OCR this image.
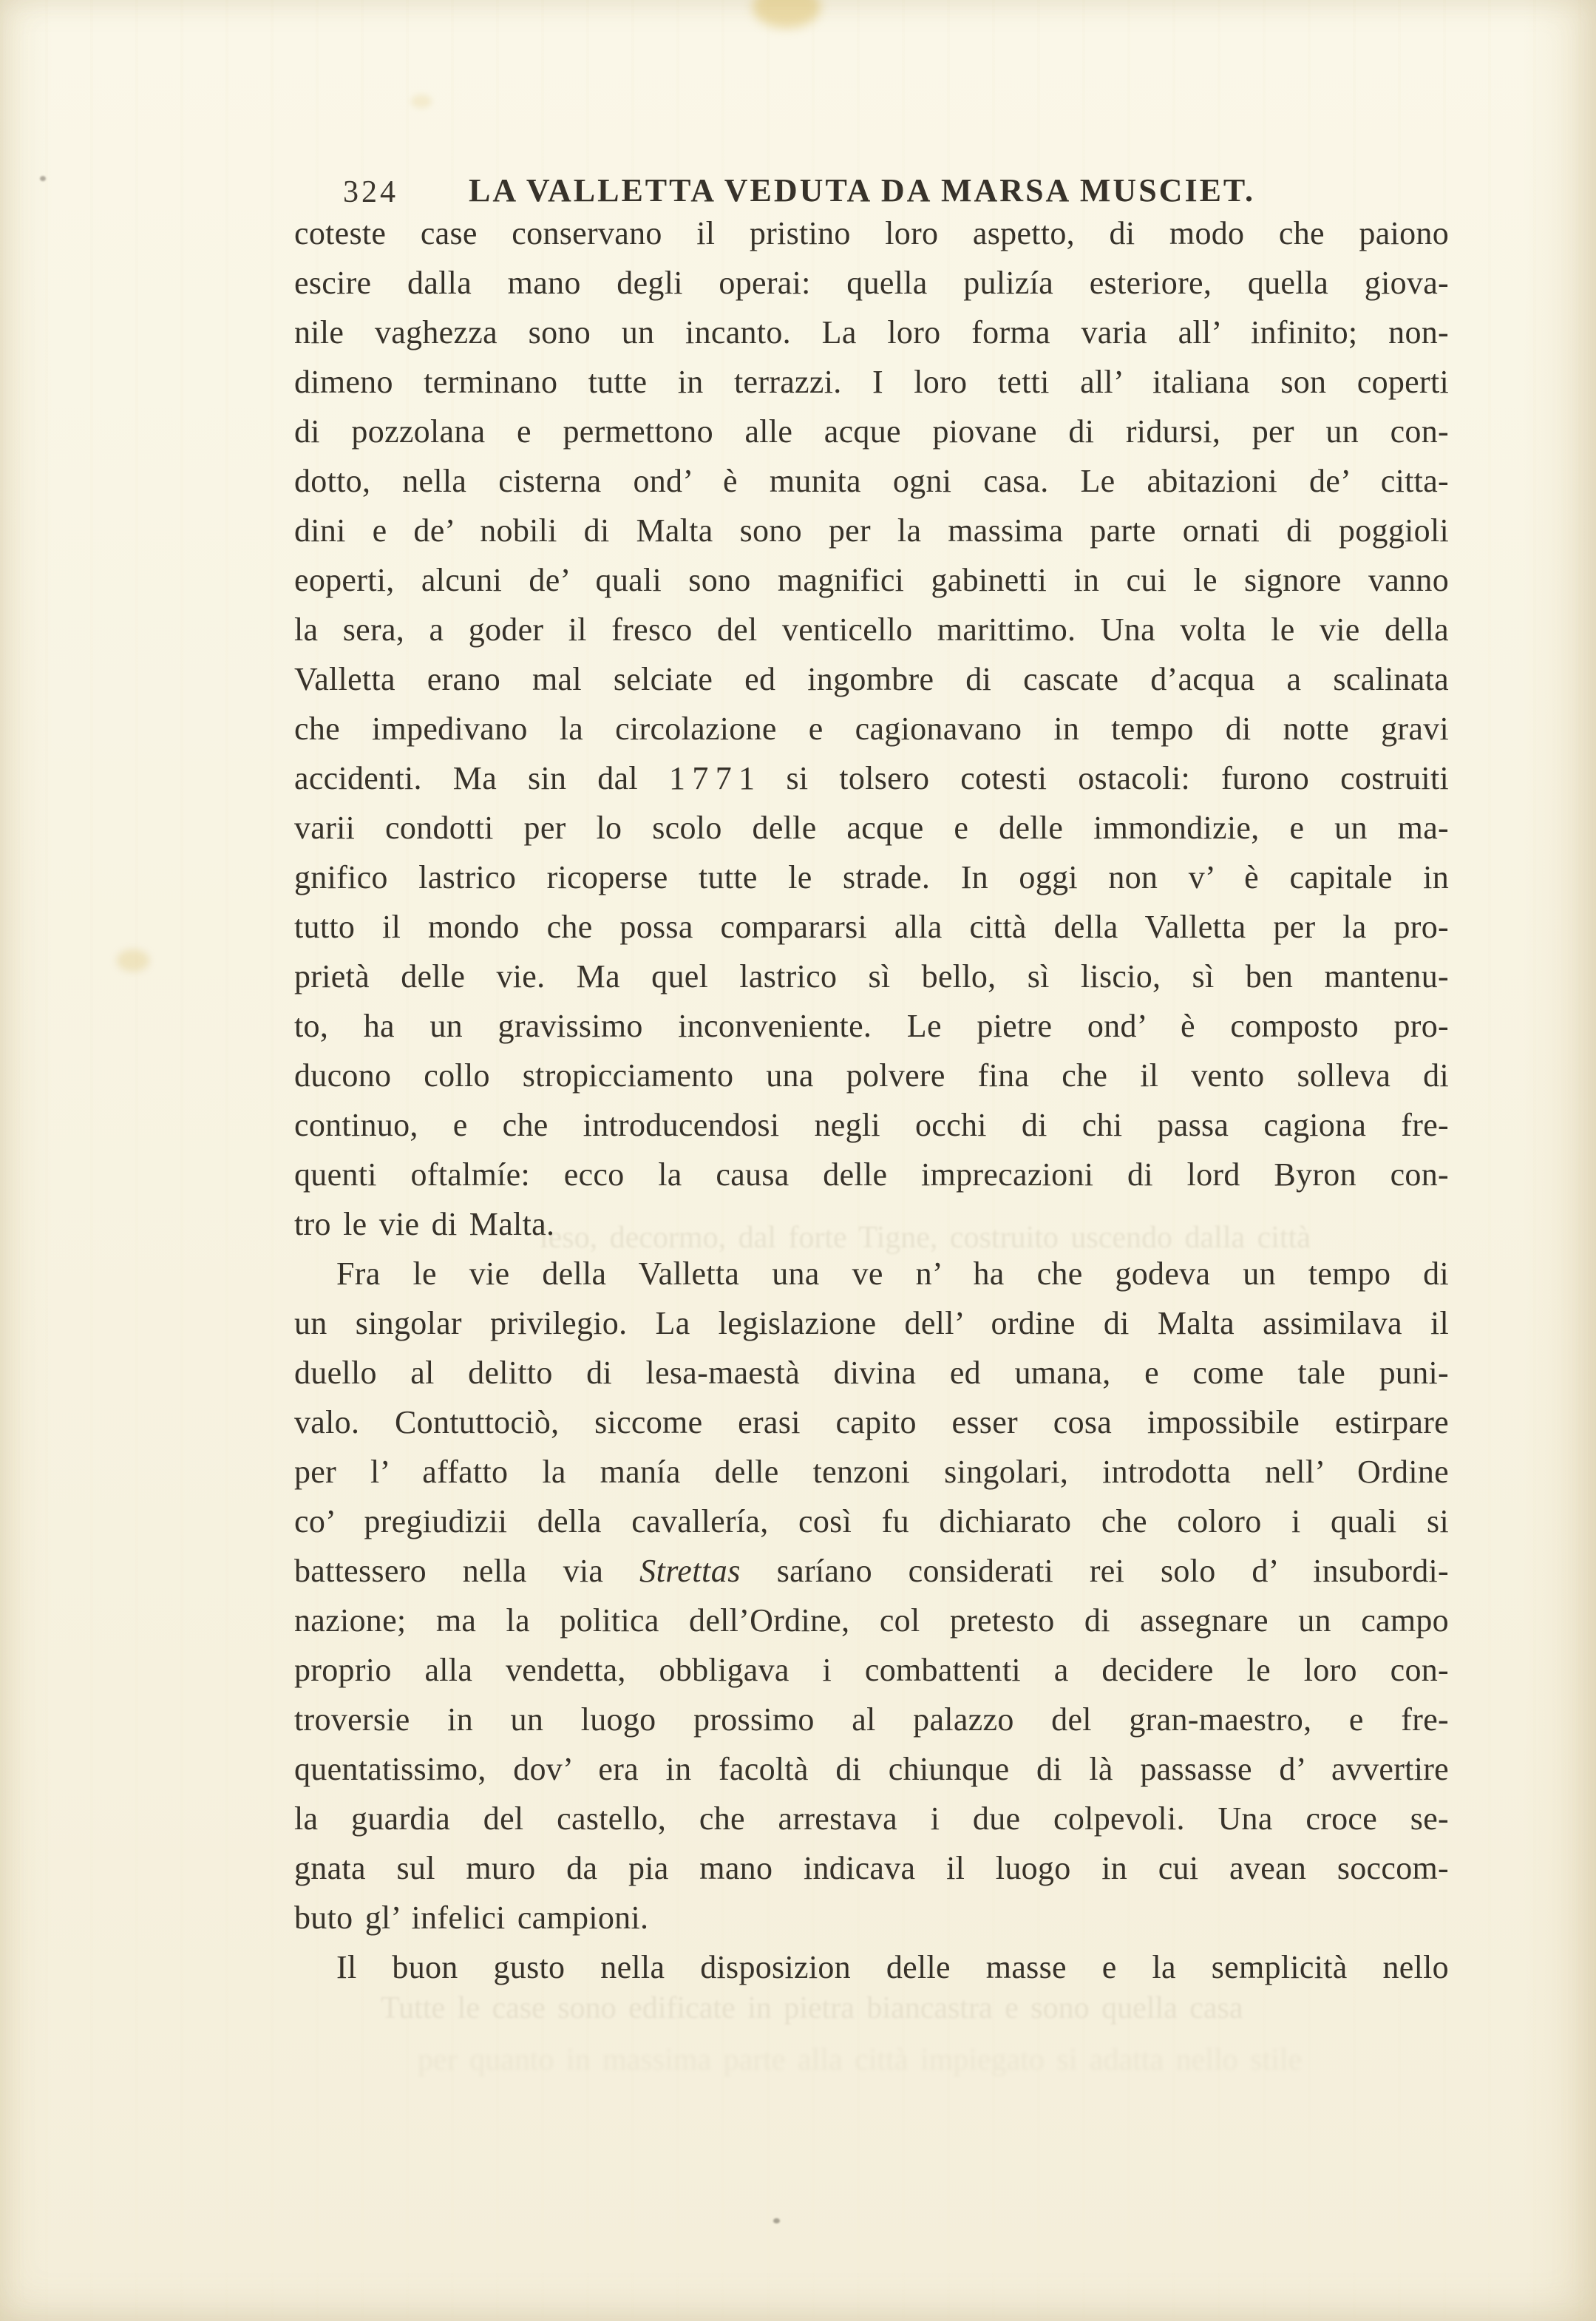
324	LA VALLETTA VEDUTA DA MARSA MUSCIET.
coteste case conservano il pristino loro aspetto, di modo che paiono
escire dalla mano degli operai: quella pulizía esteriore, quella giova-
nile vaghezza sono un incanto. La loro forma varia all’ infinito; non-
dimeno terminano tutte in terrazzi. I loro tetti all’ italiana son coperti
di pozzolana e permettono alle acque piovane di ridursi, per un con-
dotto, nella cisterna ond’ è munita ogni casa. Le abitazioni de’ citta-
dini e de’ nobili di Malta sono per la massima parte ornati di poggioli
eoperti, alcuni de’ quali sono magnifici gabinetti in cui le signore vanno
la sera, a goder il fresco del venticello marittimo. Una volta le vie della
Valletta erano mal selciate ed ingombre di cascate d’acqua a scalinata
che impedivano la circolazione e cagionavano in tempo di notte gravi
accidenti. Ma sin dal 1 7 7 1 si tolsero cotesti ostacoli: furono costruiti
varii condotti per lo scolo delle acque e delle immondizie, e un ma-
gnifico lastrico ricoperse tutte le strade. In oggi non v’ è capitale in
tutto il mondo che possa compararsi alla città della Valletta per la pro-
prietà delle vie. Ma quel lastrico sì bello, sì liscio, sì ben mantenu-
to, ha un gravissimo inconveniente. Le pietre ond’ è composto pro-
ducono collo stropicciamento una polvere fina che il vento solleva di
continuo, e che introducendosi negli occhi di chi passa cagiona fre-
quenti oftalmíe: ecco la causa delle imprecazioni di lord Byron con-
tro le vie di Malta.
Fra le vie della Valletta una ve n’ ha che godeva un tempo di
un singolar privilegio. La legislazione dell’ ordine di Malta assimilava il
duello al delitto di lesa-maestà divina ed umana, e come tale puni-
valo. Contuttociò, siccome erasi capito esser cosa impossibile estirpare
per l’ affatto la manía delle tenzoni singolari, introdotta nell’ Ordine
co’ pregiudizii della cavallería, così fu dichiarato che coloro i quali si
battessero nella via Strettas saríano considerati rei solo d’ insubordi-
nazione; ma la politica dell’Ordine, col pretesto di assegnare un campo
proprio alla vendetta, obbligava i combattenti a decidere le loro con-
troversie in un luogo prossimo al palazzo del gran-maestro, e fre-
quentatissimo, dov’ era in facoltà di chiunque di là passasse d’ avvertire
la guardia del castello, che arrestava i due colpevoli. Una croce se-
gnata sul muro da pia mano indicava il luogo in cui avean soccom-
buto gl’ infelici campioni.
Il buon gusto nella disposizion delle masse e la semplicità nello
leso, decormo, dal forte Tigne, costruito uscendo dalla città
Tutte le case sono edificate in pietra biancastra e sono quella casa
per quanto in massima parte alla città impiegato si adatta nello stile
